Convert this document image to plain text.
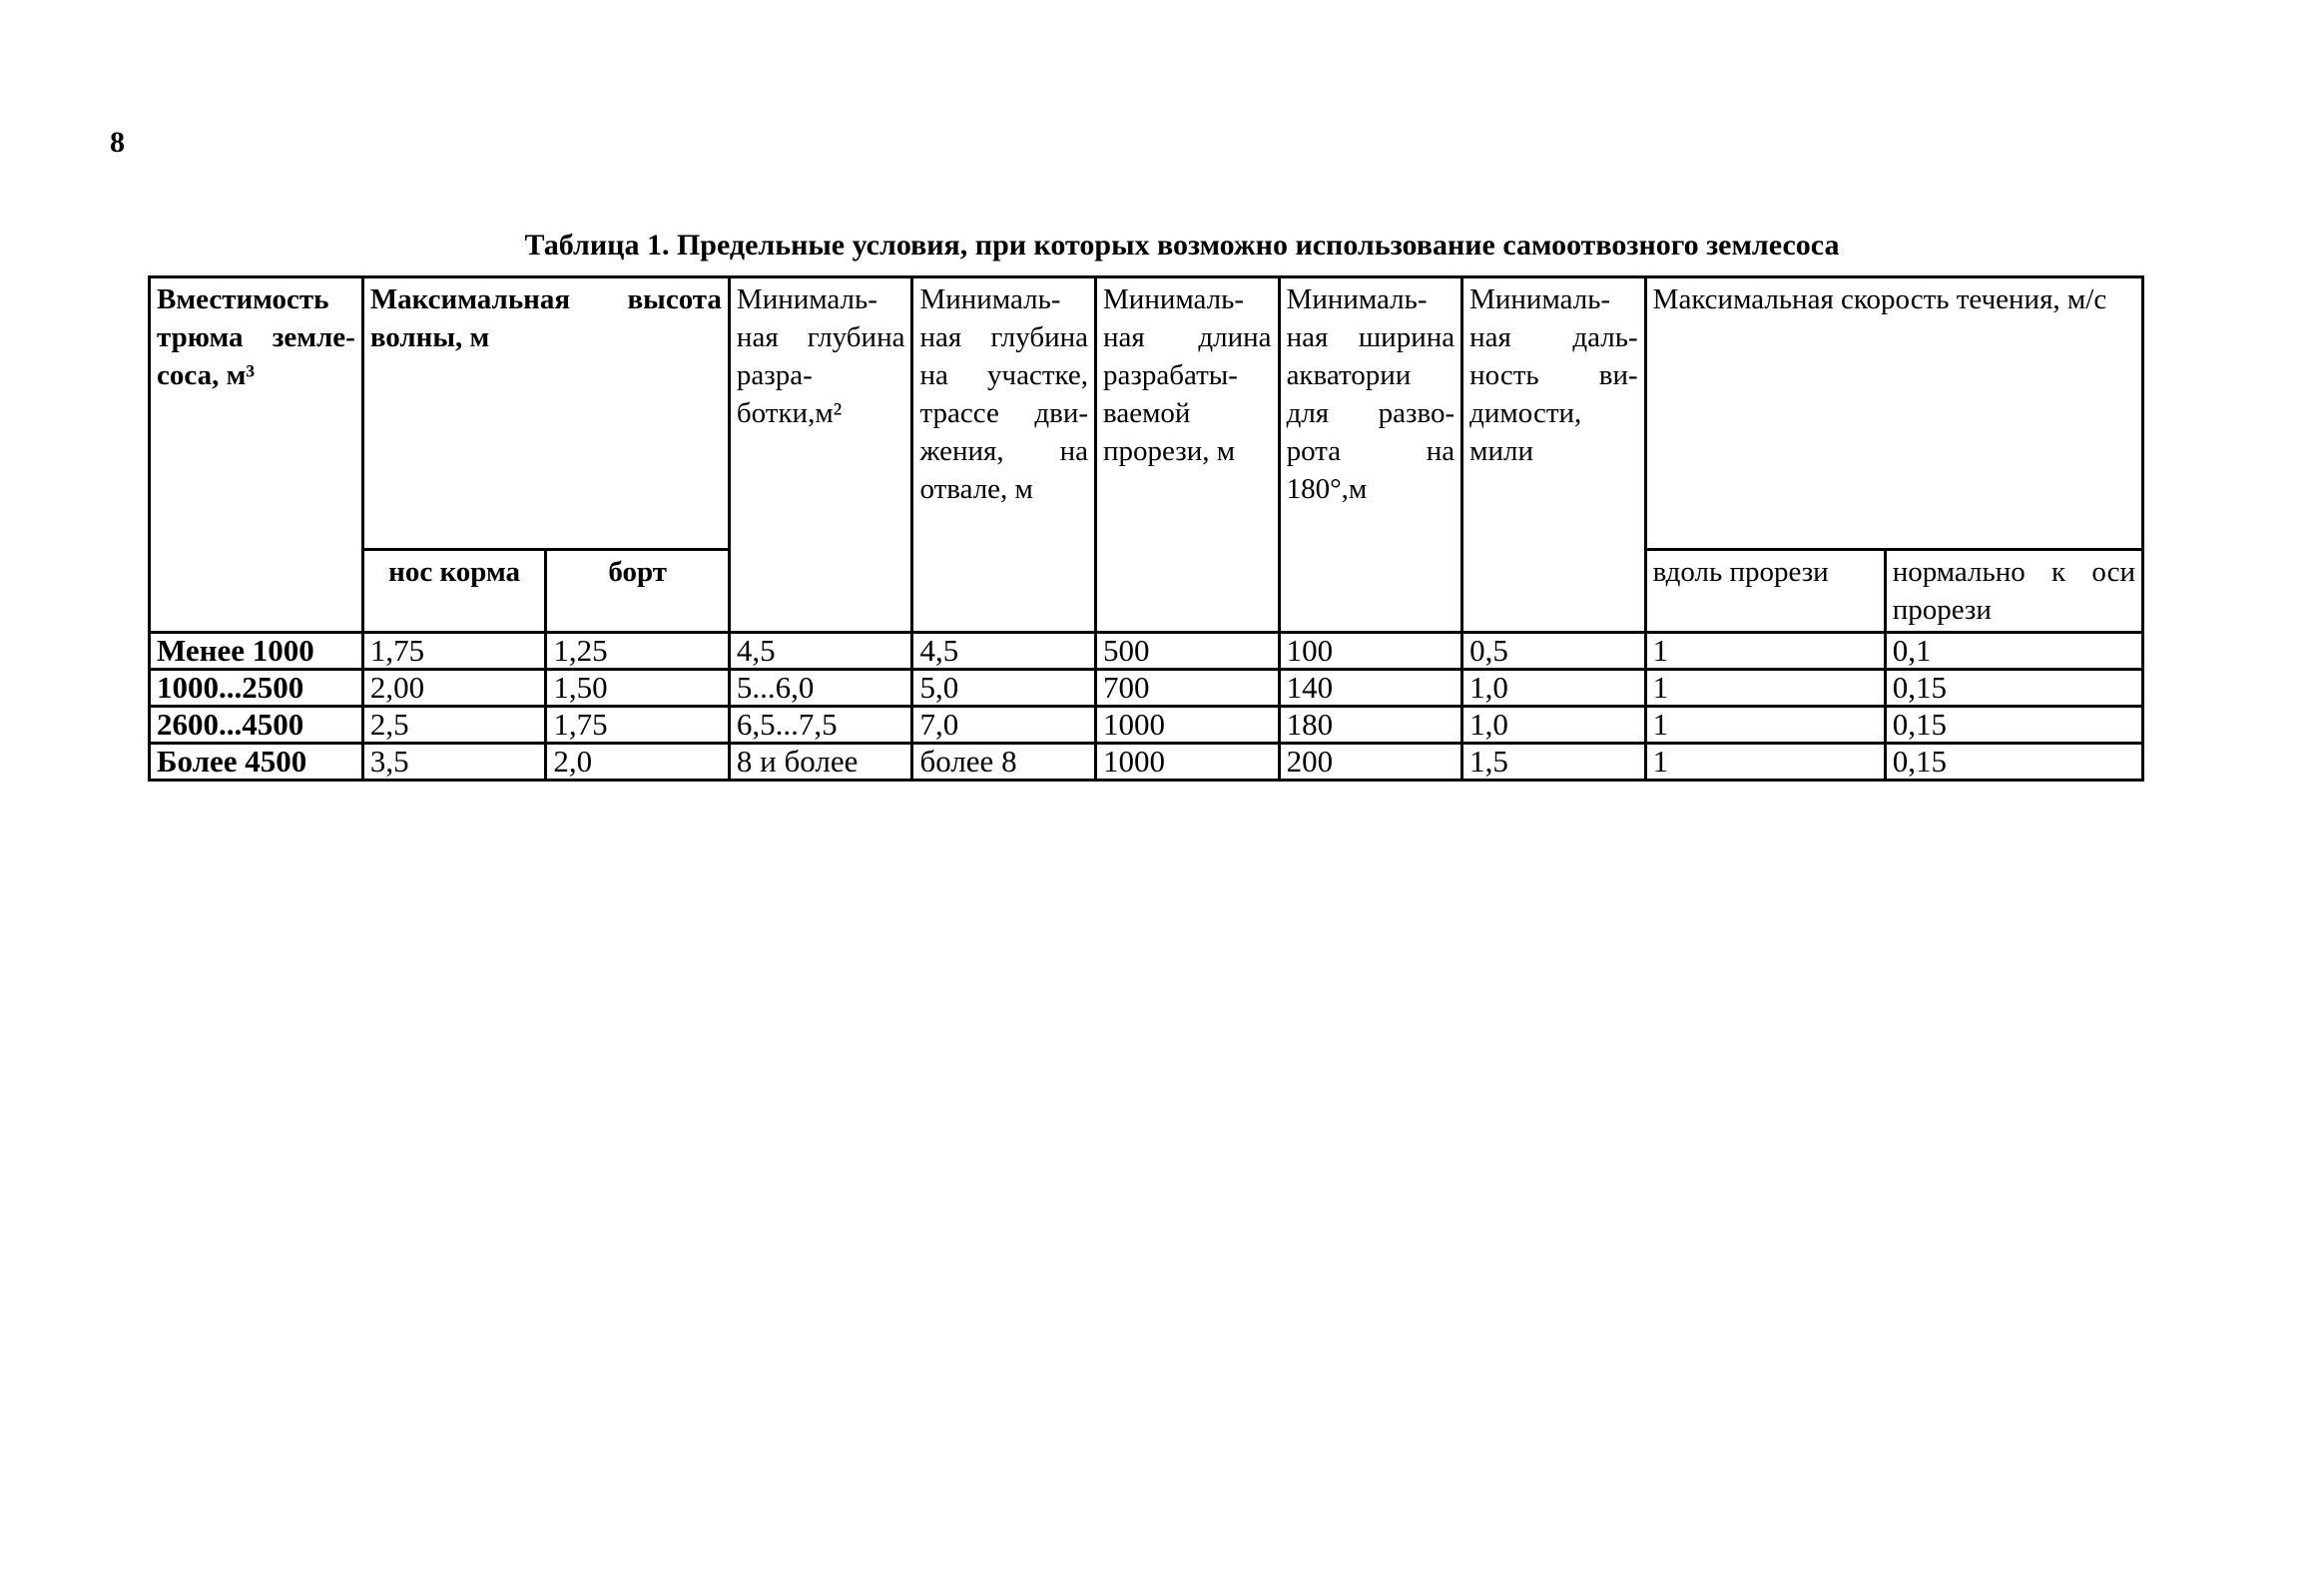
8
Таблица 1. Предельные условия, при которых возможно использование самоотвозного землесоса
Вместимость трюма земле-соса, м³	Максимальная высота волны, м		Минималь-ная глубина разра-ботки,м²	Минималь-ная глубина на участке, трассе дви-жения, на отвале, м	Минималь-ная длина разрабаты-ваемой прорези, м	Минималь-ная ширина акватории для разво-рота на 180°,м	Минималь-ная даль-ность ви-димости, мили	Максимальная скорость течения, м/с	
	нос корма	борт						вдоль прорези	нормально к оси прорези
Менее 1000	1,75	1,25	4,5	4,5	500	100	0,5	1	0,1
1000...2500	2,00	1,50	5...6,0	5,0	700	140	1,0	1	0,15
2600...4500	2,5	1,75	6,5...7,5	7,0	1000	180	1,0	1	0,15
Более 4500	3,5	2,0	8 и более	более 8	1000	200	1,5	1	0,15
